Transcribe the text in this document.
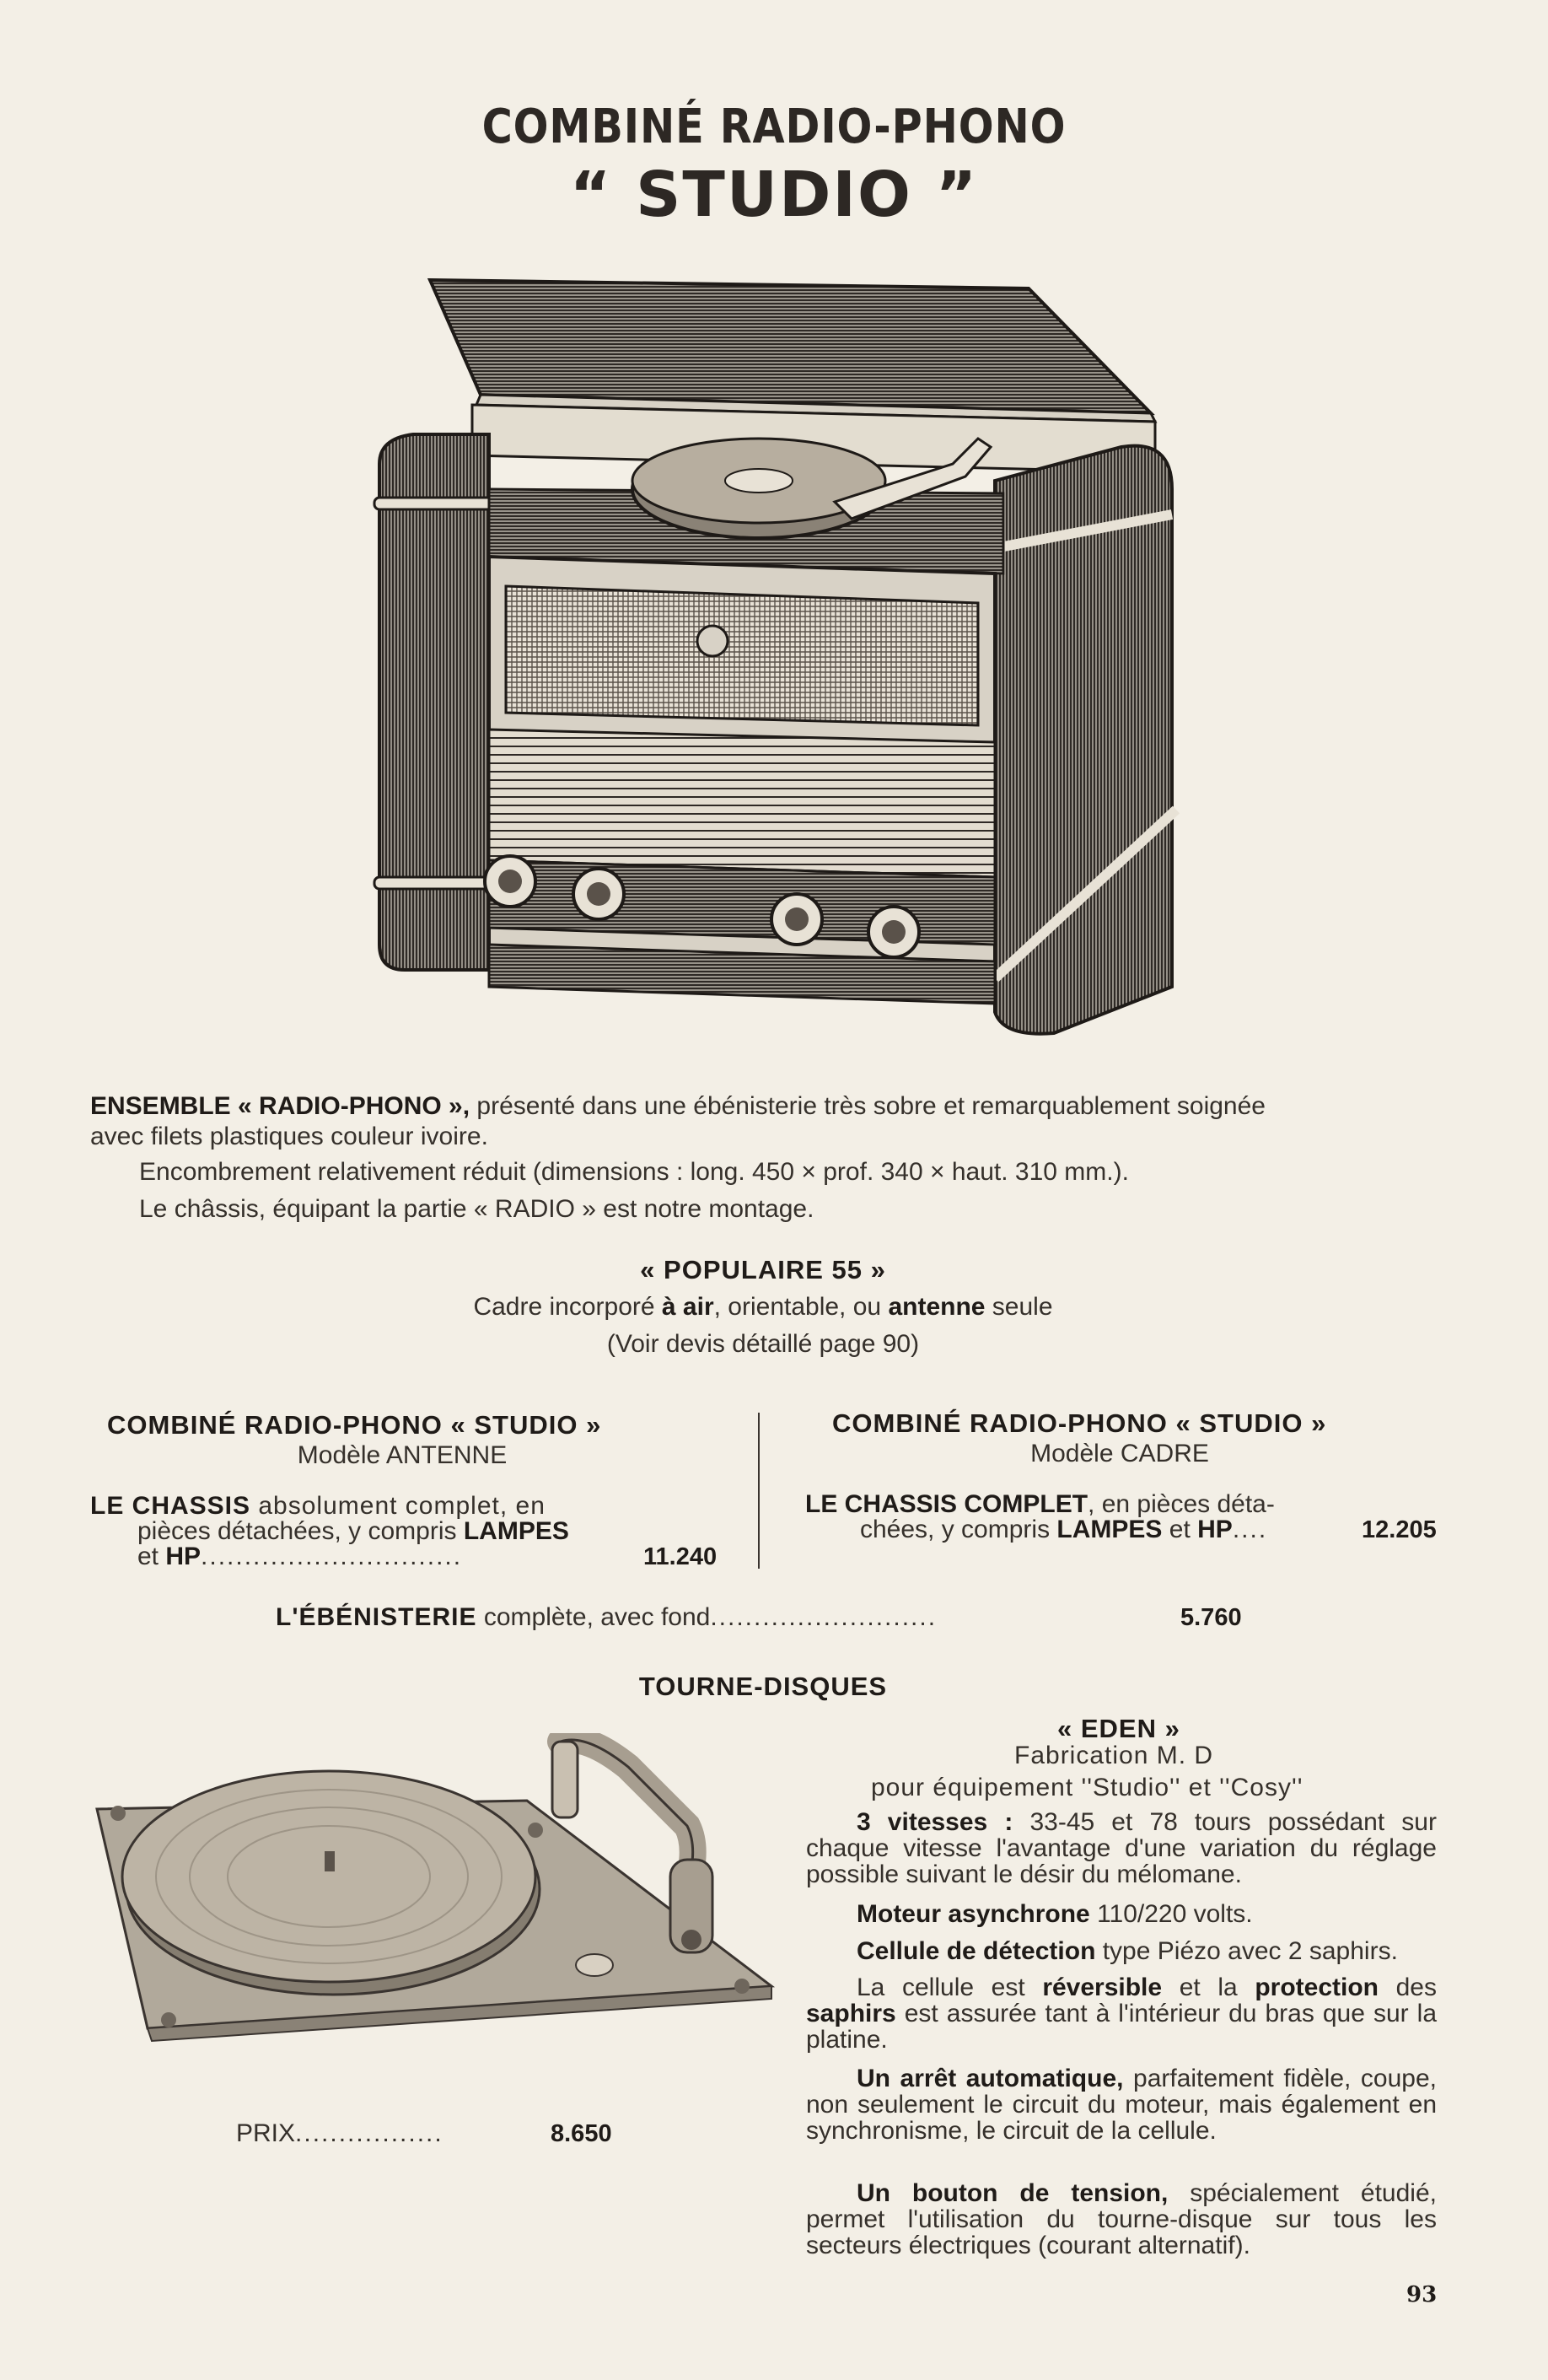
COMBINÉ RADIO-PHONO
“ STUDIO ”
ENSEMBLE « RADIO-PHONO », présenté dans une ébénisterie très sobre et remarquablement soignée
avec filets plastiques couleur ivoire.
Encombrement relativement réduit (dimensions : long. 450 × prof. 340 × haut. 310 mm.).
Le châssis, équipant la partie « RADIO » est notre montage.
« POPULAIRE 55 »
Cadre incorporé à air, orientable, ou antenne seule
(Voir devis détaillé page 90)
COMBINÉ RADIO-PHONO « STUDIO »
Modèle ANTENNE
LE CHASSIS absolument complet, en
pièces détachées, y compris LAMPES
et HP..............................	11.240
COMBINÉ RADIO-PHONO « STUDIO »
Modèle CADRE
LE CHASSIS COMPLET, en pièces déta-
chées, y compris LAMPES et HP....	12.205
L'ÉBÉNISTERIE complète, avec fond..........................	5.760
TOURNE-DISQUES
PRIX.................	8.650
« EDEN »
Fabrication M. D
pour équipement ''Studio'' et ''Cosy''
3 vitesses : 33-45 et 78 tours possédant sur chaque vitesse l'avantage d'une variation du réglage possible suivant le désir du mélomane.
Moteur asynchrone 110/220 volts.
Cellule de détection type Piézo avec 2 saphirs.
La cellule est réversible et la protection des saphirs est assurée tant à l'intérieur du bras que sur la platine.
Un arrêt automatique, parfaitement fidèle, coupe, non seulement le circuit du moteur, mais également en synchronisme, le circuit de la cellule.
Un bouton de tension, spécialement étudié, permet l'utilisation du tourne-disque sur tous les secteurs électriques (courant alternatif).
93
